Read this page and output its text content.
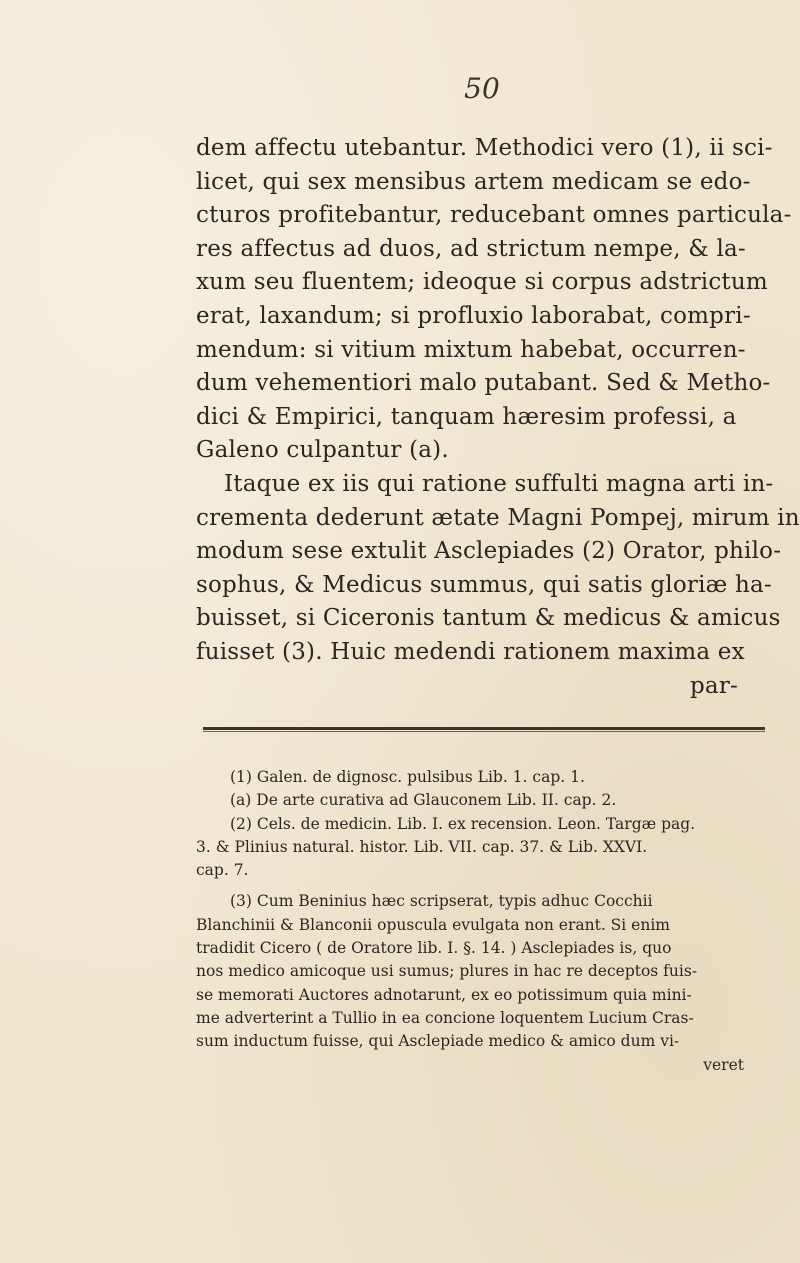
50
dem affectu utebantur. Methodici vero (1), ii sci-
licet, qui sex mensibus artem medicam se edo-
cturos profitebantur, reducebant omnes particula-
res affectus ad duos, ad strictum nempe, & la-
xum seu fluentem; ideoque si corpus adstrictum
erat, laxandum; si profluxio laborabat, compri-
mendum: si vitium mixtum habebat, occurren-
dum vehementiori malo putabant. Sed & Metho-
dici & Empirici, tanquam hæresim professi, a
Galeno culpantur (a).
Itaque ex iis qui ratione suffulti magna arti in-
crementa dederunt ætate Magni Pompej, mirum in
modum sese extulit Asclepiades (2) Orator, philo-
sophus, & Medicus summus, qui satis gloriæ ha-
buisset, si Ciceronis tantum & medicus & amicus
fuisset (3). Huic medendi rationem maxima ex
par-
(1) Galen. de dignosc. pulsibus Lib. 1. cap. 1.
(a) De arte curativa ad Glauconem Lib. II. cap. 2.
(2) Cels. de medicin. Lib. I. ex recension. Leon. Targæ pag.
3. & Plinius natural. histor. Lib. VII. cap. 37. & Lib. XXVI.
cap. 7.
(3) Cum Beninius hæc scripserat, typis adhuc Cocchii
Blanchinii & Blanconii opuscula evulgata non erant. Si enim
tradidit Cicero ( de Oratore lib. I. §. 14. ) Asclepiades is, quo
nos medico amicoque usi sumus; plures in hac re deceptos fuis-
se memorati Auctores adnotarunt, ex eo potissimum quia mini-
me adverterint a Tullio in ea concione loquentem Lucium Cras-
sum inductum fuisse, qui Asclepiade medico & amico dum vi-
veret
